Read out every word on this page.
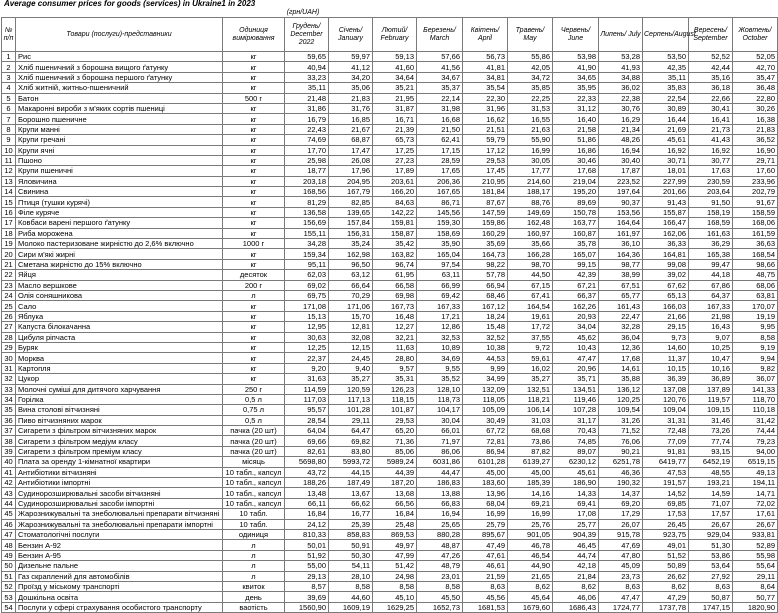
Average consumer prices for goods (services) in Ukraine1 in 2023
(грн/UAH)
№ п/п	Товари (послуги)-представники	Одиниця вимірювання	Грудень/ December 2022	Січень/ January	Лютий/ February	Березень/ March	Квітень/ April	Травень/ May	Червень/ June	Липень/ July	Серпень/August	Вересень/ September	Жовтень/ October
1	Рис	кг	59,65	59,97	59,13	57,66	56,73	55,86	53,98	53,28	53,50	52,52	52,05
2	Хліб пшеничний з борошна вищого ґатунку	кг	40,94	41,12	41,60	41,56	41,81	42,05	41,90	41,93	42,35	42,44	42,70
3	Хліб пшеничний з борошна першого ґатунку	кг	33,23	34,20	34,64	34,67	34,81	34,72	34,65	34,88	35,11	35,16	35,47
4	Хліб житній, житньо-пшеничний	кг	35,11	35,06	35,21	35,37	35,54	35,85	35,95	36,02	35,83	36,18	36,48
5	Батон	500 г	21,48	21,83	21,95	22,14	22,30	22,25	22,33	22,38	22,54	22,66	22,80
6	Макаронні вироби з м'яких сортів пшениці	кг	31,86	31,76	31,87	31,98	31,96	31,53	31,12	30,76	30,89	30,41	30,26
7	Борошно пшеничне	кг	16,79	16,85	16,71	16,68	16,62	16,55	16,40	16,29	16,44	16,41	16,38
8	Крупи манні	кг	22,43	21,67	21,39	21,50	21,51	21,63	21,58	21,34	21,69	21,73	21,83
9	Крупи гречані	кг	74,69	68,87	65,73	62,41	59,79	55,90	51,86	48,26	45,61	41,43	36,52
10	Крупи ячні	кг	17,70	17,47	17,25	17,15	17,12	16,99	16,86	16,94	16,92	16,92	16,90
11	Пшоно	кг	25,98	26,08	27,23	28,59	29,53	30,05	30,46	30,40	30,71	30,77	29,71
12	Крупи пшеничні	кг	18,77	17,96	17,89	17,65	17,45	17,77	17,68	17,87	18,01	17,63	17,60
13	Яловичина	кг	203,18	204,95	203,61	206,36	210,95	214,60	219,04	223,52	227,99	230,59	233,96
14	Свинина	кг	168,56	167,79	166,20	167,65	181,84	188,17	195,20	197,64	201,66	203,64	202,79
15	Птиця (тушки курячі)	кг	81,29	82,85	84,63	86,71	87,67	88,76	89,69	90,37	91,43	91,50	91,67
16	Філе куряче	кг	136,58	139,65	142,22	145,56	147,59	149,69	150,78	153,56	155,87	158,19	158,59
17	Ковбаси варені першого ґатунку	кг	156,69	157,84	159,81	159,30	159,86	162,48	163,77	164,64	166,47	168,59	168,06
18	Риба морожена	кг	155,11	156,31	158,87	158,69	160,29	160,97	160,87	161,97	162,06	161,63	161,59
19	Молоко пастеризоване жирністю до 2,6% включно	1000 г	34,28	35,24	35,42	35,90	35,69	35,66	35,78	36,10	36,33	36,29	36,63
20	Сири м'які жирні	кг	159,34	162,98	163,82	165,04	164,73	166,28	165,07	164,36	164,81	165,38	168,54
21	Сметана жирністю до 15% включно	кг	95,11	96,50	96,74	97,54	98,22	98,70	99,15	98,77	99,08	99,47	98,66
22	Яйця	десяток	62,03	63,12	61,95	63,11	57,78	44,50	42,39	38,99	39,02	44,18	48,75
23	Масло вершкове	200 г	69,02	66,64	66,58	66,99	66,94	67,15	67,21	67,51	67,62	67,86	68,06
24	Олія соняшникова	л	69,75	70,29	69,98	69,42	68,46	67,41	66,37	65,77	65,13	64,37	63,81
25	Сало	кг	171,08	171,06	167,73	167,33	167,12	164,54	162,26	161,43	166,03	167,33	170,07
26	Яблука	кг	15,13	15,70	16,48	17,21	18,24	19,61	20,93	22,47	21,66	21,98	19,19
27	Капуста білокачанна	кг	12,95	12,81	12,27	12,86	15,48	17,72	34,04	32,28	29,15	16,43	9,95
28	Цибуля ріпчаста	кг	30,63	32,08	32,21	32,53	32,52	37,55	45,62	36,04	9,73	9,07	8,58
29	Буряк	кг	12,25	12,15	11,63	10,89	10,38	9,72	10,43	12,36	14,60	10,25	9,19
30	Морква	кг	22,37	24,45	28,80	34,69	44,53	59,61	47,47	17,68	11,37	10,47	9,94
31	Картопля	кг	9,20	9,40	9,57	9,55	9,99	16,02	20,96	14,61	10,15	10,16	9,82
32	Цукор	кг	31,63	35,27	35,31	35,52	34,99	35,27	35,71	35,88	36,39	36,89	36,07
33	Молочні суміші для дитячого харчування	250 г	114,59	120,59	126,23	128,10	132,09	132,51	134,51	136,12	137,08	137,89	141,33
34	Горілка	0,5 л	117,03	117,13	118,15	118,73	118,05	118,21	119,46	120,25	120,76	119,57	118,70
35	Вина столові вітчизняні	0,75 л	95,57	101,28	101,87	104,17	105,09	106,14	107,28	109,54	109,04	109,15	110,18
36	Пиво вітчизняних марок	0,5 л	28,54	29,11	29,53	30,04	30,49	31,03	31,17	31,26	31,31	31,46	31,42
37	Сигарети з фільтром вітчизняних марок	пачка (20 шт)	64,04	64,47	65,20	66,01	67,72	68,68	70,43	71,52	72,48	73,26	74,44
38	Сигарети з фільтром медіум класу	пачка (20 шт)	69,66	69,82	71,36	71,97	72,81	73,86	74,85	76,06	77,09	77,74	79,23
39	Сигарети з фільтром преміум класу	пачка (20 шт)	82,61	83,80	85,06	86,06	86,94	87,82	89,07	90,21	91,81	93,15	94,00
40	Плата за оренду 1-кімнатної квартири	місяць	5698,80	5993,72	5989,24	6031,86	6101,28	6139,27	6230,12	6251,78	6419,77	6452,19	6519,15
41	Антибіотики вітчизняні	10 табл., капсул	43,72	44,15	44,39	44,47	45,00	45,00	45,61	46,36	47,53	48,55	49,13
42	Антибіотики імпортні	10 табл., капсул	188,26	187,49	187,20	186,83	183,60	185,39	186,90	190,32	191,57	193,21	194,11
43	Судинорозширювальні засоби вітчизняні	10 табл., капсул	13,48	13,67	13,68	13,88	13,96	14,16	14,33	14,37	14,52	14,59	14,71
44	Судинорозширювальні засоби імпортні	10 табл., капсул	66,11	66,62	66,56	66,83	68,04	69,21	69,41	69,20	69,85	71,07	72,02
45	Жарознижувальні та знеболювальні препарати вітчизняні	10 табл.	16,84	16,77	16,84	16,94	16,99	16,99	17,08	17,29	17,53	17,57	17,61
46	Жарознижувальні та знеболювальні препарати імпортні	10 табл.	24,12	25,39	25,48	25,65	25,79	25,76	25,77	26,07	26,45	26,67	26,67
47	Стоматологічні послуги	одиниця	810,33	858,83	869,53	880,28	895,67	901,05	904,39	915,78	923,75	929,04	933,81
48	Бензин А-92	л	50,01	50,91	49,97	48,87	47,49	46,78	46,45	47,69	49,01	51,30	52,89
49	Бензин А-95	л	51,92	50,30	47,99	47,26	47,61	46,54	44,74	47,80	51,52	53,86	55,98
50	Дизельне пальне	л	55,00	54,11	51,42	48,79	46,61	44,90	42,18	45,09	50,89	53,64	55,64
51	Газ скраплений для автомобілів	л	29,13	28,10	24,98	23,01	21,59	21,65	21,84	23,73	26,62	27,92	29,11
52	Проїзд у міському транспорті	квиток	8,57	8,58	8,58	8,58	8,63	8,62	8,62	8,63	8,62	8,63	8,64
53	Дошкільна освіта	день	39,69	44,60	45,10	45,50	45,56	45,64	46,06	47,47	47,29	50,87	50,77
54	Послуги у сфері страхування особистого транспорту	ваотість	1560,90	1609,19	1629,25	1652,73	1681,53	1679,60	1686,43	1724,77	1737,78	1747,15	1820,90
